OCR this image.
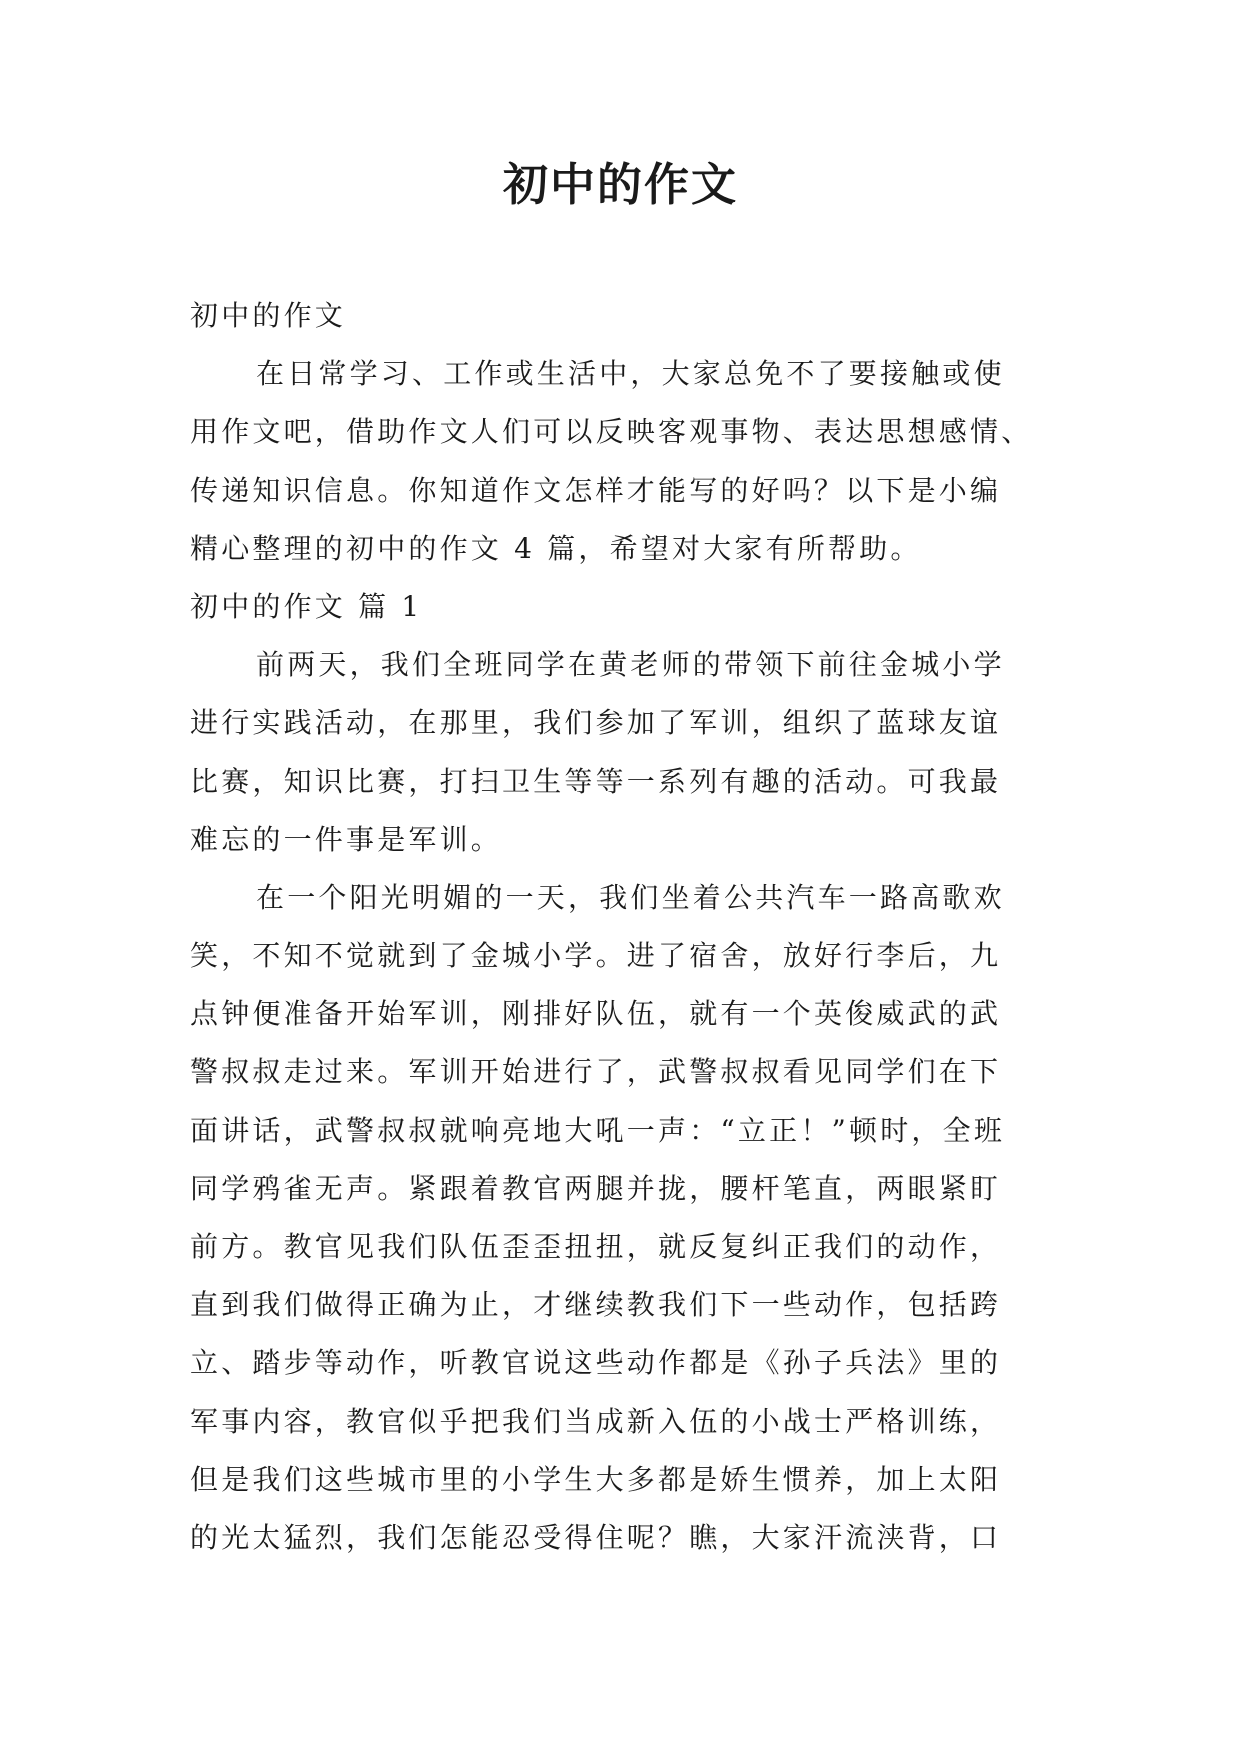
初中的作文
初中的作文
在日常学习、工作或生活中，大家总免不了要接触或使
用作文吧，借助作文人们可以反映客观事物、表达思想感情、
传递知识信息。你知道作文怎样才能写的好吗？以下是小编
精心整理的初中的作文 4 篇，希望对大家有所帮助。
初中的作文 篇 1
前两天，我们全班同学在黄老师的带领下前往金城小学
进行实践活动，在那里，我们参加了军训，组织了蓝球友谊
比赛，知识比赛，打扫卫生等等一系列有趣的活动。可我最
难忘的一件事是军训。
在一个阳光明媚的一天，我们坐着公共汽车一路高歌欢
笑，不知不觉就到了金城小学。进了宿舍，放好行李后，九
点钟便准备开始军训，刚排好队伍，就有一个英俊威武的武
警叔叔走过来。军训开始进行了，武警叔叔看见同学们在下
面讲话，武警叔叔就响亮地大吼一声：“立正！”顿时，全班
同学鸦雀无声。紧跟着教官两腿并拢，腰杆笔直，两眼紧盯
前方。教官见我们队伍歪歪扭扭，就反复纠正我们的动作，
直到我们做得正确为止，才继续教我们下一些动作，包括跨
立、踏步等动作，听教官说这些动作都是《孙子兵法》里的
军事内容，教官似乎把我们当成新入伍的小战士严格训练，
但是我们这些城市里的小学生大多都是娇生惯养，加上太阳
的光太猛烈，我们怎能忍受得住呢？瞧，大家汗流浃背，口
